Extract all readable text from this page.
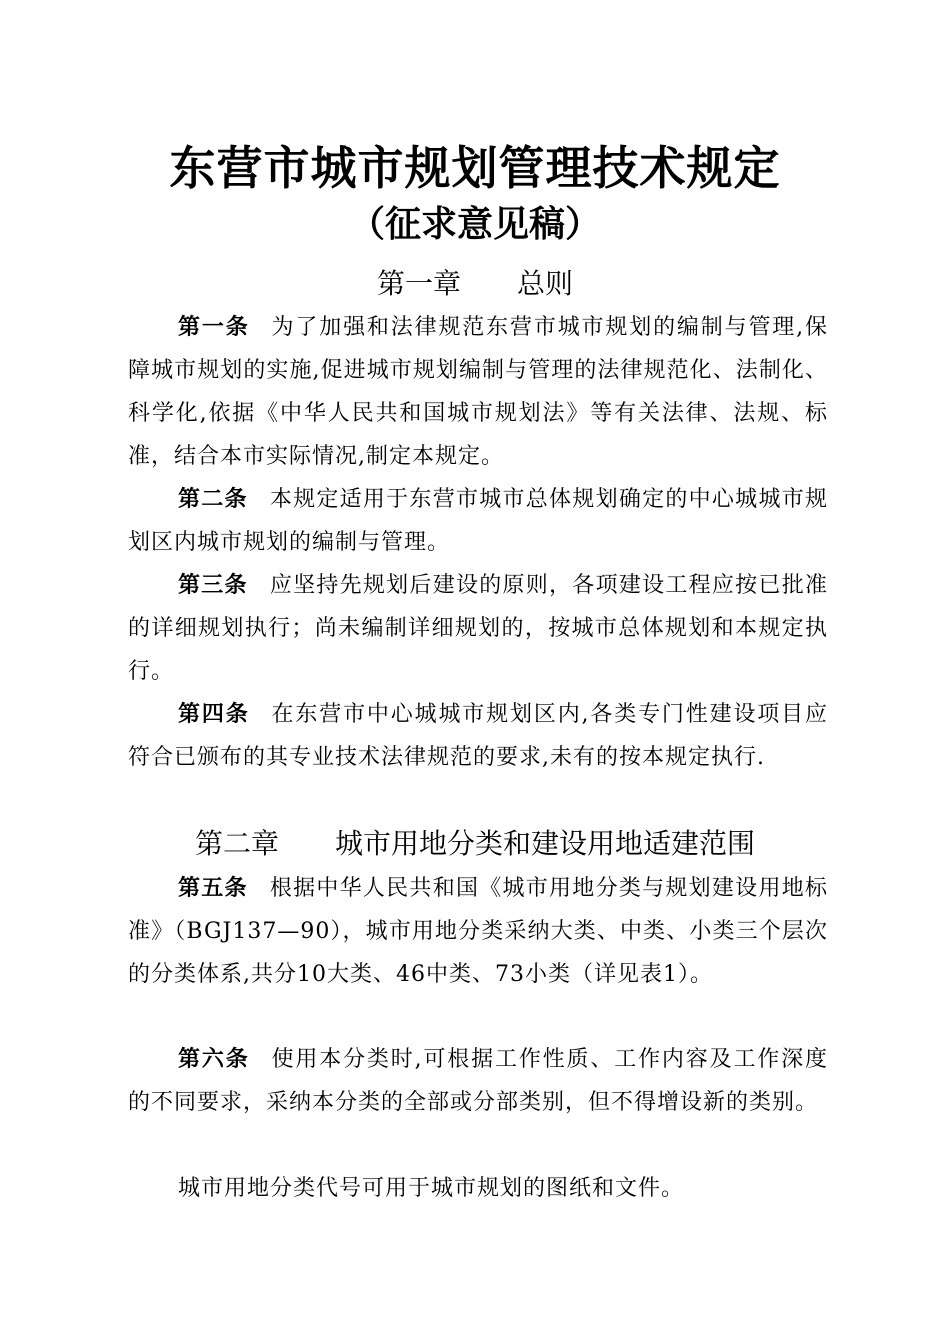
东营市城市规划管理技术规定
（征求意见稿）
第一章　　总则
第一条 为了加强和法律规范东营市城市规划的编制与管理,保障城市规划的实施,促进城市规划编制与管理的法律规范化、法制化、科学化,依据《中华人民共和国城市规划法》等有关法律、法规、标准，结合本市实际情况,制定本规定。
第二条 本规定适用于东营市城市总体规划确定的中心城城市规划区内城市规划的编制与管理。
第三条 应坚持先规划后建设的原则，各项建设工程应按已批准的详细规划执行；尚未编制详细规划的，按城市总体规划和本规定执行。
第四条 在东营市中心城城市规划区内,各类专门性建设项目应符合已颁布的其专业技术法律规范的要求,未有的按本规定执行.
第二章　　城市用地分类和建设用地适建范围
第五条 根据中华人民共和国《城市用地分类与规划建设用地标准》（BGJ137—90），城市用地分类采纳大类、中类、小类三个层次的分类体系,共分10大类、46中类、73小类（详见表1）。
第六条 使用本分类时,可根据工作性质、工作内容及工作深度的不同要求，采纳本分类的全部或分部类别，但不得增设新的类别。
城市用地分类代号可用于城市规划的图纸和文件。
